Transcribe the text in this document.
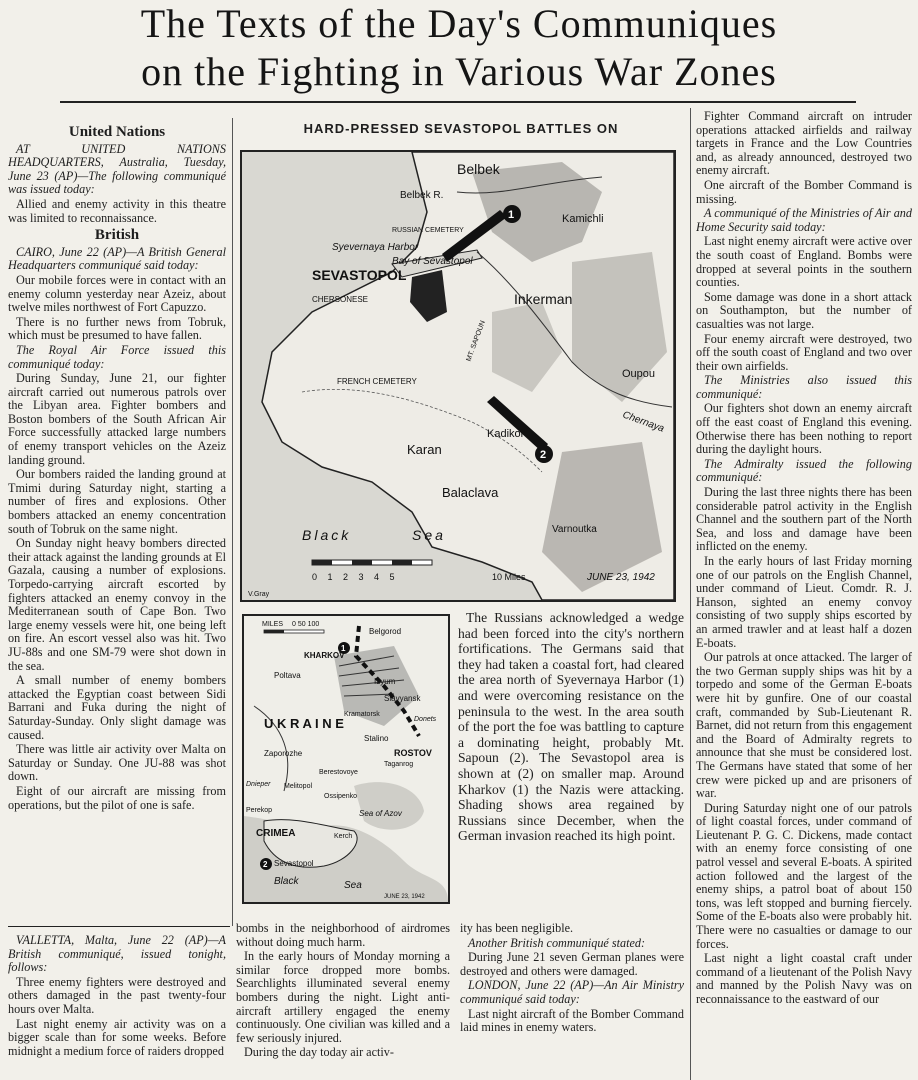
The Texts of the Day's Communiques
on the Fighting in Various War Zones
United Nations

AT UNITED NATIONS HEADQUARTERS, Australia, Tuesday, June 23 (AP)—The following communiqué was issued today:

Allied and enemy activity in this theatre was limited to reconnaissance.

British

CAIRO, June 22 (AP)—A British General Headquarters communiqué said today:

Our mobile forces were in contact with an enemy column yesterday near Azeiz, about twelve miles northwest of Fort Capuzzo.

There is no further news from Tobruk, which must be presumed to have fallen.

The Royal Air Force issued this communiqué today:

During Sunday, June 21, our fighter aircraft carried out numerous patrols over the Libyan area. Fighter bombers and Boston bombers of the South African Air Force successfully attacked large numbers of enemy transport vehicles on the Azeiz landing ground.

Our bombers raided the landing ground at Tmimi during Saturday night, starting a number of fires and explosions. Other bombers attacked an enemy concentration south of Tobruk on the same night.

On Sunday night heavy bombers directed their attack against the landing grounds at El Gazala, causing a number of explosions. Torpedo-carrying aircraft escorted by fighters attacked an enemy convoy in the Mediterranean south of Cape Bon. Two large enemy vessels were hit, one being left on fire. An escort vessel also was hit. Two JU-88s and one SM-79 were shot down in the sea.

A small number of enemy bombers attacked the Egyptian coast between Sidi Barrani and Fuka during the night of Saturday-Sunday. Only slight damage was caused.

There was little air activity over Malta on Saturday or Sunday. One JU-88 was shot down.

Eight of our aircraft are missing from operations, but the pilot of one is safe.

VALLETTA, Malta, June 22 (AP)—A British communiqué, issued tonight, follows:

Three enemy fighters were destroyed and others damaged in the past twenty-four hours over Malta.

Last night enemy air activity was on a bigger scale than for some weeks. Before midnight a medium force of raiders dropped

HARD-PRESSED SEVASTOPOL BATTLES ON
Belbek
Belbek R.
Kamichli
RUSSIAN CEMETERY
Syevernaya Harbor
Bay of Sevastopol
SEVASTOPOL
Inkerman
CHERSONESE
FRENCH CEMETERY
MT. SAPOUN
Oupou
Chernaya
Kadikoi
Karan
Balaclava
Varnoutka
Black	Sea
0 1 2 3 4 5	10 Miles	JUNE 23, 1942
V.Gray
1
2
MILES 0 50 100
Belgorod
KHARKOV
Izyum
Poltava
Slavyansk
Kramatorsk
Donets
U K R A I N E
Stalino
ROSTOV
Taganrog
Zaporozhe
Dnieper Melitopol
Berestovoye
Ossipenko
Sea of Azov
Perekop
CRIMEA	Kerch
Sevastopol
Black	Sea
JUNE 23, 1942
1
2

The Russians acknowledged a wedge had been forced into the city's northern fortifications. The Germans said that they had taken a coastal fort, had cleared the area north of Syevernaya Harbor (1) and were overcoming resistance on the peninsula to the west. In the area south of the port the foe was battling to capture a dominating height, probably Mt. Sapoun (2). The Sevastopol area is shown at (2) on smaller map. Around Kharkov (1) the Nazis were attacking. Shading shows area regained by Russians since December, when the German invasion reached its high point.

bombs in the neighborhood of airdromes without doing much harm.

In the early hours of Monday morning a similar force dropped more bombs. Searchlights illuminated several enemy bombers during the night. Light anti-aircraft artillery engaged the enemy continuously. One civilian was killed and a few seriously injured.

During the day today air activ-

ity has been negligible.

Another British communiqué stated:

During June 21 seven German planes were destroyed and others were damaged.

LONDON, June 22 (AP)—An Air Ministry communiqué said today:

Last night aircraft of the Bomber Command laid mines in enemy waters.

Fighter Command aircraft on intruder operations attacked airfields and railway targets in France and the Low Countries and, as already announced, destroyed two enemy aircraft.

One aircraft of the Bomber Command is missing.

A communiqué of the Ministries of Air and Home Security said today:

Last night enemy aircraft were active over the south coast of England. Bombs were dropped at several points in the southern counties.

Some damage was done in a short attack on Southampton, but the number of casualties was not large.

Four enemy aircraft were destroyed, two off the south coast of England and two over their own airfields.

The Ministries also issued this communiqué:

Our fighters shot down an enemy aircraft off the east coast of England this evening. Otherwise there has been nothing to report during the daylight hours.

The Admiralty issued the following communiqué:

During the last three nights there has been considerable patrol activity in the English Channel and the southern part of the North Sea, and loss and damage have been inflicted on the enemy.

In the early hours of last Friday morning one of our patrols on the English Channel, under command of Lieut. Comdr. R. J. Hanson, sighted an enemy convoy consisting of two supply ships escorted by an armed trawler and at least half a dozen E-boats.

Our patrols at once attacked. The larger of the two German supply ships was hit by a torpedo and some of the German E-boats were hit by gunfire. One of our coastal craft, commanded by Sub-Lieutenant R. Barnet, did not return from this engagement and the Board of Admiralty regrets to announce that she must be considered lost. The Germans have stated that some of her crew were picked up and are prisoners of war.

During Saturday night one of our patrols of light coastal forces, under command of Lieutenant P. G. C. Dickens, made contact with an enemy force consisting of one patrol vessel and several E-boats. A spirited action followed and the largest of the enemy ships, a patrol boat of about 150 tons, was left stopped and burning fiercely. Some of the E-boats also were probably hit. There were no casualties or damage to our forces.

Last night a light coastal craft under command of a lieutenant of the Polish Navy and manned by the Polish Navy was on reconnaissance to the eastward of our
